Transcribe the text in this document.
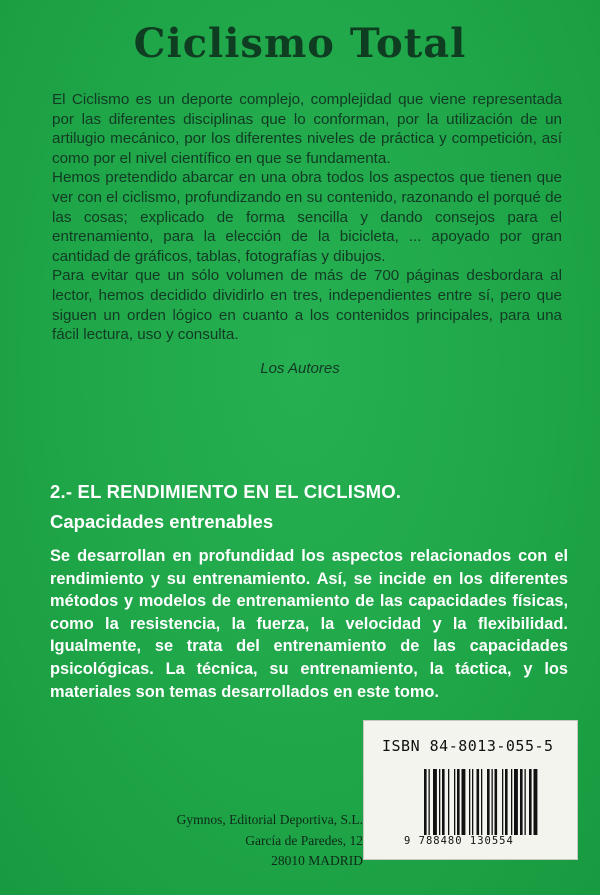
Ciclismo Total

El Ciclismo es un deporte complejo, complejidad que viene representada por las diferentes disciplinas que lo conforman, por la utilización de un artilugio mecánico, por los diferentes niveles de práctica y competición, así como por el nivel científico en que se fundamenta.

Hemos pretendido abarcar en una obra todos los aspectos que tienen que ver con el ciclismo, profundizando en su contenido, razonando el porqué de las cosas; explicado de forma sencilla y dando consejos para el entrenamiento, para la elección de la bicicleta, ... apoyado por gran cantidad de gráficos, tablas, fotografías y dibujos.

Para evitar que un sólo volumen de más de 700 páginas desbordara al lector, hemos decidido dividirlo en tres, independientes entre sí, pero que siguen un orden lógico en cuanto a los contenidos principales, para una fácil lectura, uso y consulta.

Los Autores
2.- EL RENDIMIENTO EN EL CICLISMO.
Capacidades entrenables
Se desarrollan en profundidad los aspectos relacionados con el rendimiento y su entrenamiento. Así, se incide en los diferentes métodos y modelos de entrenamiento de las capacidades físicas, como la resistencia, la fuerza, la velocidad y la flexibilidad. Igualmente, se trata del entrenamiento de las capacidades psicológicas. La técnica, su entrenamiento, la táctica, y los materiales son temas desarrollados en este tomo.
Gymnos, Editorial Deportiva, S.L.
García de Paredes, 12
28010 MADRID
ISBN 84-8013-055-5
9 788480 130554
